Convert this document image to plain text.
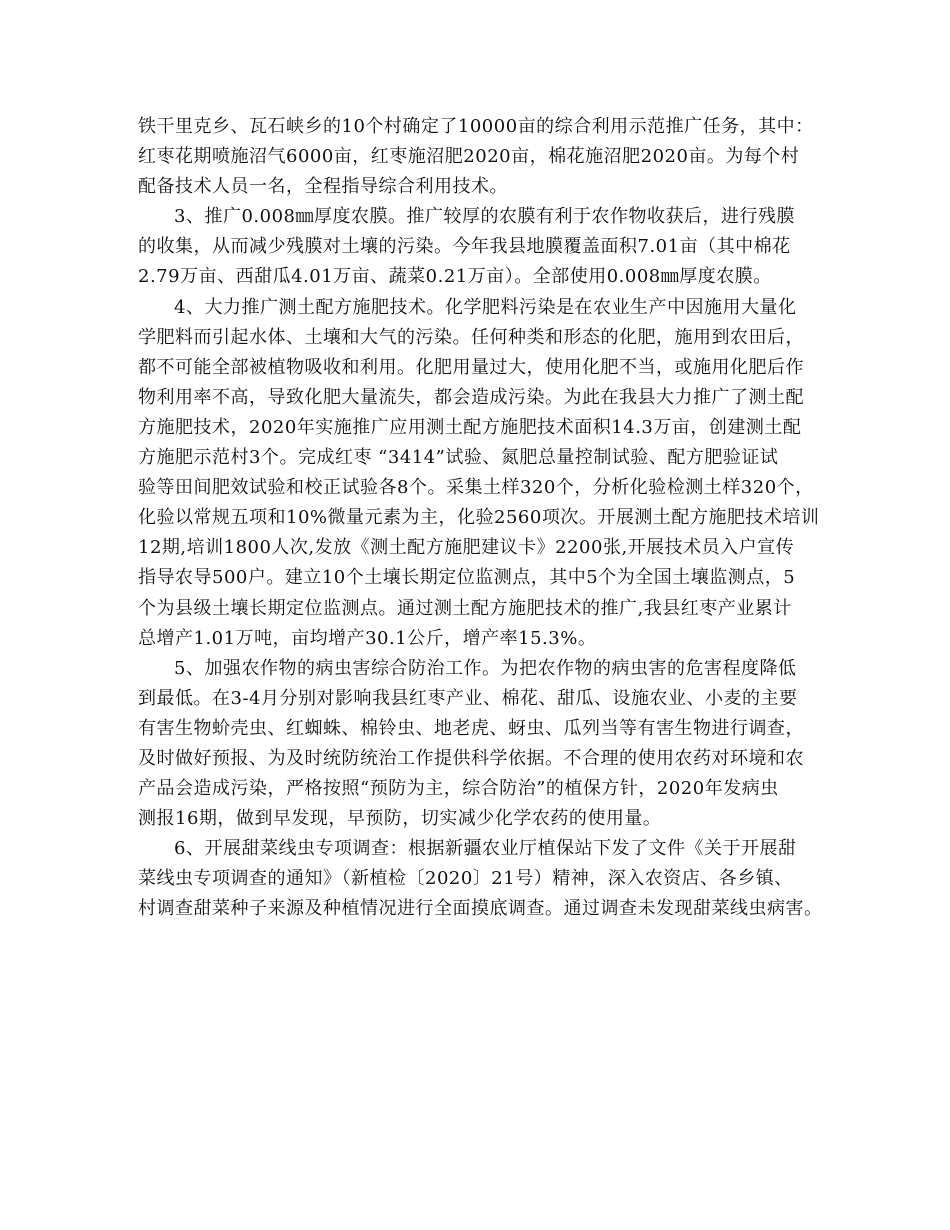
铁干里克乡、瓦石峡乡的10个村确定了10000亩的综合利用示范推广任务，其中：
红枣花期喷施沼气6000亩，红枣施沼肥2020亩，棉花施沼肥2020亩。为每个村
配备技术人员一名，全程指导综合利用技术。
3、推广0.008㎜厚度农膜。推广较厚的农膜有利于农作物收获后，进行残膜
的收集，从而减少残膜对土壤的污染。今年我县地膜覆盖面积7.01亩（其中棉花
2.79万亩、西甜瓜4.01万亩、蔬菜0.21万亩）。全部使用0.008㎜厚度农膜。
4、大力推广测土配方施肥技术。化学肥料污染是在农业生产中因施用大量化
学肥料而引起水体、土壤和大气的污染。任何种类和形态的化肥，施用到农田后，
都不可能全部被植物吸收和利用。化肥用量过大，使用化肥不当，或施用化肥后作
物利用率不高，导致化肥大量流失，都会造成污染。为此在我县大力推广了测土配
方施肥技术，2020年实施推广应用测土配方施肥技术面积14.3万亩，创建测土配
方施肥示范村3个。完成红枣 “3414”试验、氮肥总量控制试验、配方肥验证试
验等田间肥效试验和校正试验各8个。采集土样320个，分析化验检测土样320个，
化验以常规五项和10%微量元素为主，化验2560项次。开展测土配方施肥技术培训
12期,培训1800人次,发放《测土配方施肥建议卡》2200张,开展技术员入户宣传
指导农导500户。建立10个土壤长期定位监测点，其中5个为全国土壤监测点，5
个为县级土壤长期定位监测点。通过测土配方施肥技术的推广,我县红枣产业累计
总增产1.01万吨，亩均增产30.1公斤，增产率15.3%。
5、加强农作物的病虫害综合防治工作。为把农作物的病虫害的危害程度降低
到最低。在3-4月分别对影响我县红枣产业、棉花、甜瓜、设施农业、小麦的主要
有害生物蚧壳虫、红蜘蛛、棉铃虫、地老虎、蚜虫、瓜列当等有害生物进行调查，
及时做好预报、为及时统防统治工作提供科学依据。不合理的使用农药对环境和农
产品会造成污染，严格按照“预防为主，综合防治”的植保方针，2020年发病虫
测报16期，做到早发现，早预防，切实减少化学农药的使用量。
6、开展甜菜线虫专项调查：根据新疆农业厅植保站下发了文件《关于开展甜
菜线虫专项调查的通知》（新植检〔2020〕21号）精神，深入农资店、各乡镇、
村调查甜菜种子来源及种植情况进行全面摸底调查。通过调查未发现甜菜线虫病害。
